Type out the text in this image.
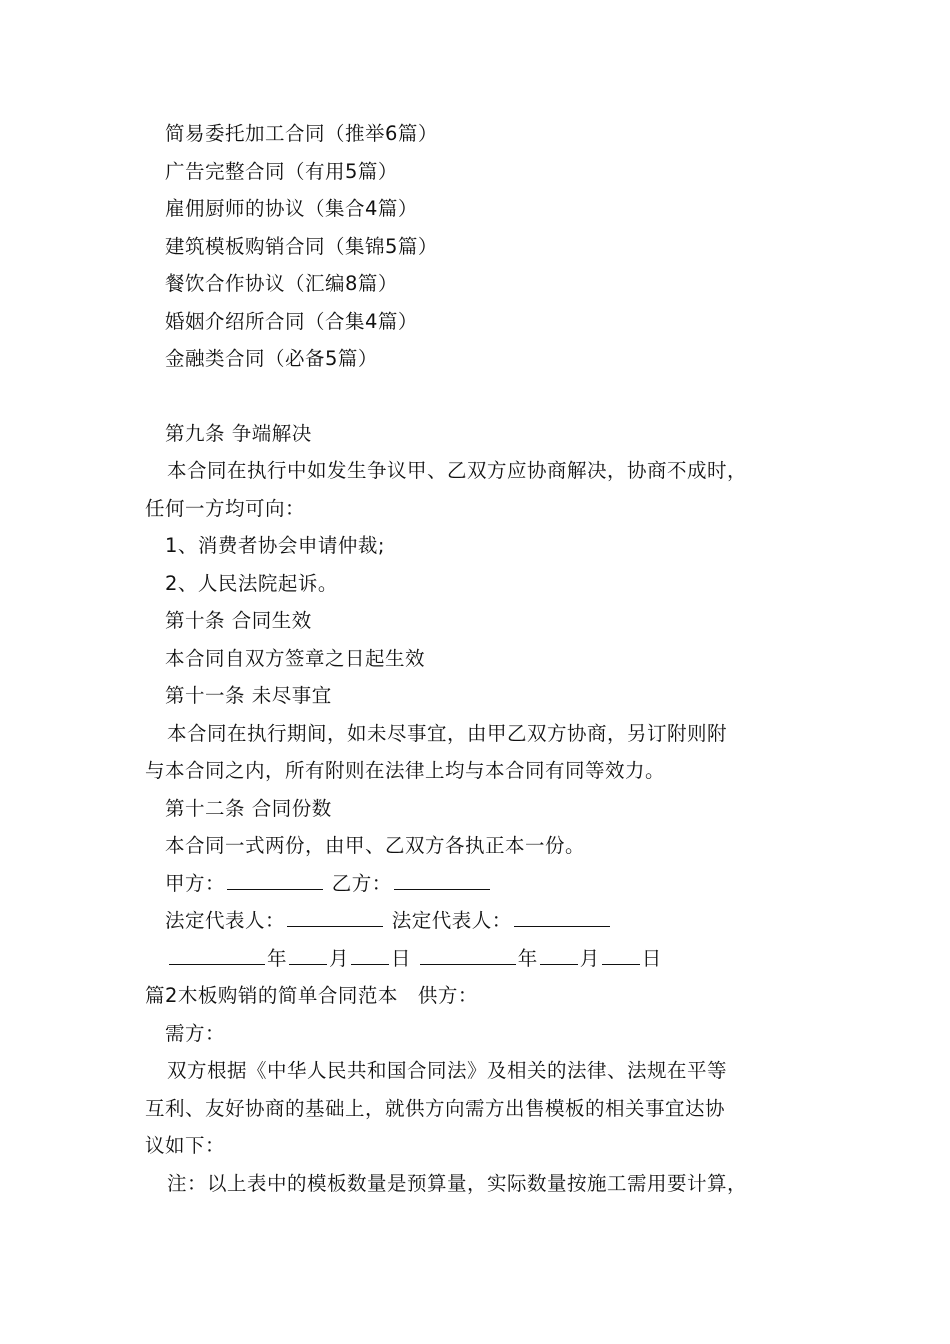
简易委托加工合同（推举6篇）
广告完整合同（有用5篇）
雇佣厨师的协议（集合4篇）
建筑模板购销合同（集锦5篇）
餐饮合作协议（汇编8篇）
婚姻介绍所合同（合集4篇）
金融类合同（必备5篇）
第九条 争端解决
本合同在执行中如发生争议甲、乙双方应协商解决，协商不成时，
任何一方均可向：
1、消费者协会申请仲裁;
2、人民法院起诉。
第十条 合同生效
本合同自双方签章之日起生效
第十一条 未尽事宜
本合同在执行期间，如未尽事宜，由甲乙双方协商，另订附则附
与本合同之内，所有附则在法律上均与本合同有同等效力。
第十二条 合同份数
本合同一式两份，由甲、乙双方各执正本一份。
甲方：	乙方：
法定代表人：	法定代表人：
年 月 日	年 月 日
篇2木板购销的简单合同范本　供方：
需方：
双方根据《中华人民共和国合同法》及相关的法律、法规在平等
互利、友好协商的基础上，就供方向需方出售模板的相关事宜达协
议如下：
注：以上表中的模板数量是预算量，实际数量按施工需用要计算，
